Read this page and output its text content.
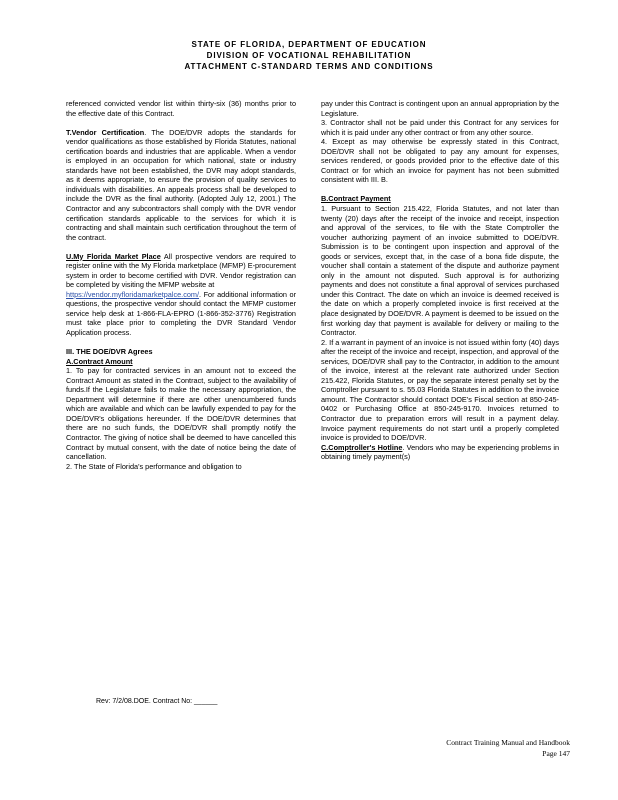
STATE OF FLORIDA, DEPARTMENT OF EDUCATION
DIVISION OF VOCATIONAL REHABILITATION
ATTACHMENT C-STANDARD TERMS AND CONDITIONS

referenced convicted vendor list within thirty-six (36) months prior to the effective date of this Contract.

T.Vendor Certification. The DOE/DVR adopts the standards for vendor qualifications as those established by Florida Statutes, national certification boards and industries that are applicable. When a vendor is employed in an occupation for which national, state or industry standards have not been established, the DVR may adopt standards, as it deems appropriate, to ensure the provision of quality services to individuals with disabilities. An appeals process shall be developed to include the DVR as the final authority. (Adopted July 12, 2001.) The Contractor and any subcontractors shall comply with the DVR vendor certification standards applicable to the services for which it is contracting and shall maintain such certification throughout the term of the contract.

U.My Florida Market Place All prospective vendors are required to register online with the My Florida marketplace (MFMP) E-procurement system in order to become certified with DVR. Vendor registration can be completed by visiting the MFMP website at
https://vendor.myfloridamarketpalce.com/. For additional information or questions, the prospective vendor should contact the MFMP customer service help desk at 1-866-FLA-EPRO (1-866-352-3776) Registration must take place prior to completing the DVR Standard Vendor Application process.

III. THE DOE/DVR Agrees

A.Contract Amount

1. To pay for contracted services in an amount not to exceed the Contract Amount as stated in the Contract, subject to the availability of funds.If the Legislature fails to make the necessary appropriation, the Department will determine if there are other unencumbered funds which are available and which can be lawfully expended to pay for the DOE/DVR's obligations hereunder. If the DOE/DVR determines that there are no such funds, the DOE/DVR shall promptly notify the Contractor. The giving of notice shall be deemed to have cancelled this Contract by mutual consent, with the date of notice being the date of cancellation.

2. The State of Florida's performance and obligation to

pay under this Contract is contingent upon an annual appropriation by the Legislature.

3. Contractor shall not be paid under this Contract for any services for which it is paid under any other contract or from any other source.

4. Except as may otherwise be expressly stated in this Contract, DOE/DVR shall not be obligated to pay any amount for expenses, services rendered, or goods provided prior to the effective date of this Contract or for which an invoice for payment has not been submitted consistent with III. B.

B.Contract Payment

1. Pursuant to Section 215.422, Florida Statutes, and not later than twenty (20) days after the receipt of the invoice and receipt, inspection and approval of the services, to file with the State Comptroller the voucher authorizing payment of an invoice submitted to DOE/DVR. Submission is to be contingent upon inspection and approval of the goods or services, except that, in the case of a bona fide dispute, the voucher shall contain a statement of the dispute and authorize payment only in the amount not disputed. Such approval is for authorizing payments and does not constitute a final approval of services purchased under this Contract. The date on which an invoice is deemed received is the date on which a properly completed invoice is first received at the place designated by DOE/DVR. A payment is deemed to be issued on the first working day that payment is available for delivery or mailing to the Contractor.

2. If a warrant in payment of an invoice is not issued within forty (40) days after the receipt of the invoice and receipt, inspection, and approval of the services, DOE/DVR shall pay to the Contractor, in addition to the amount of the invoice, interest at the relevant rate authorized under Section 215.422, Florida Statutes, or pay the separate interest penalty set by the Comptroller pursuant to s. 55.03 Florida Statutes in addition to the invoice amount. The Contractor should contact DOE's Fiscal section at 850-245-0402 or Purchasing Office at 850-245-9170. Invoices returned to Contractor due to preparation errors will result in a payment delay. Invoice payment requirements do not start until a properly completed invoice is provided to DOE/DVR.

C.Comptroller's Hotline. Vendors who may be experiencing problems in obtaining timely payment(s)

Rev: 7/2/08.DOE. Contract No: ______
Contract Training Manual and Handbook
Page 147
